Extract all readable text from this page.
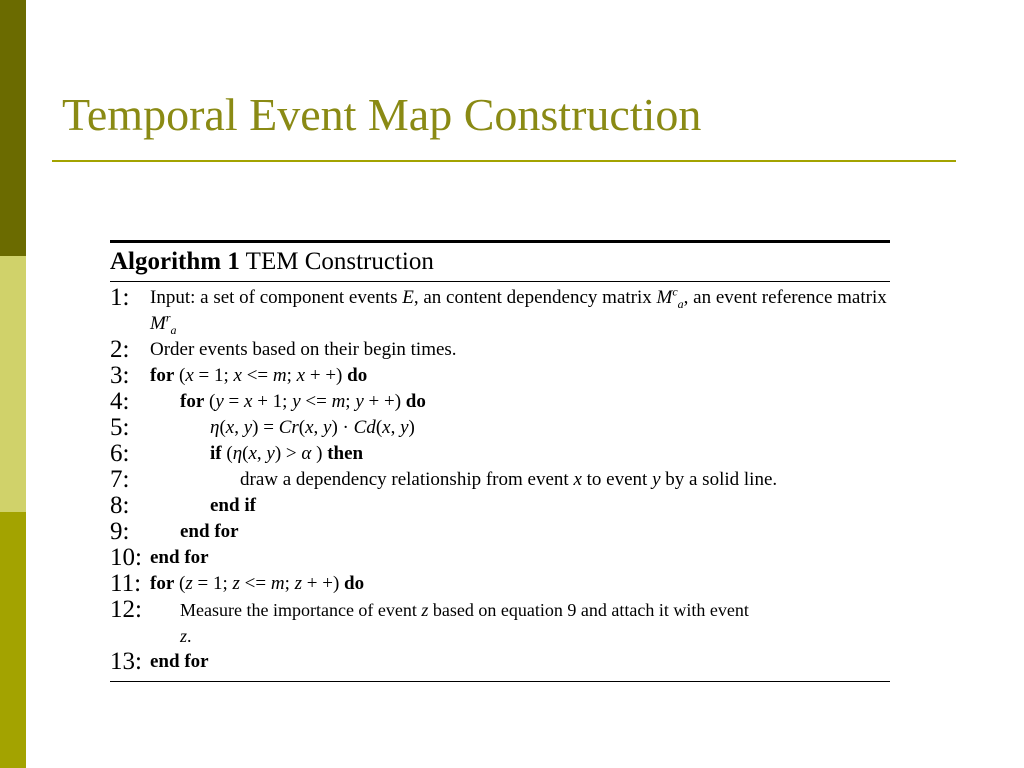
Temporal Event Map Construction
Algorithm 1 TEM Construction
1:	Input: a set of component events E, an content dependency matrix $M^c_a$, an event reference matrix $M^r_a$
2:	Order events based on their begin times.
3:	for (x = 1; x <= m; x + +) do
4:	for (y = x + 1; y <= m; y + +) do
5:	η(x, y) = Cr(x, y) · Cd(x, y)
6:	if (η(x, y) > α ) then
7:	draw a dependency relationship from event x to event y by a solid line.
8:	end if
9:	end for
10: end for
11: for (z = 1; z <= m; z + +) do
12:	Measure the importance of event z based on equation 9 and attach it with event
z.
13: end for
